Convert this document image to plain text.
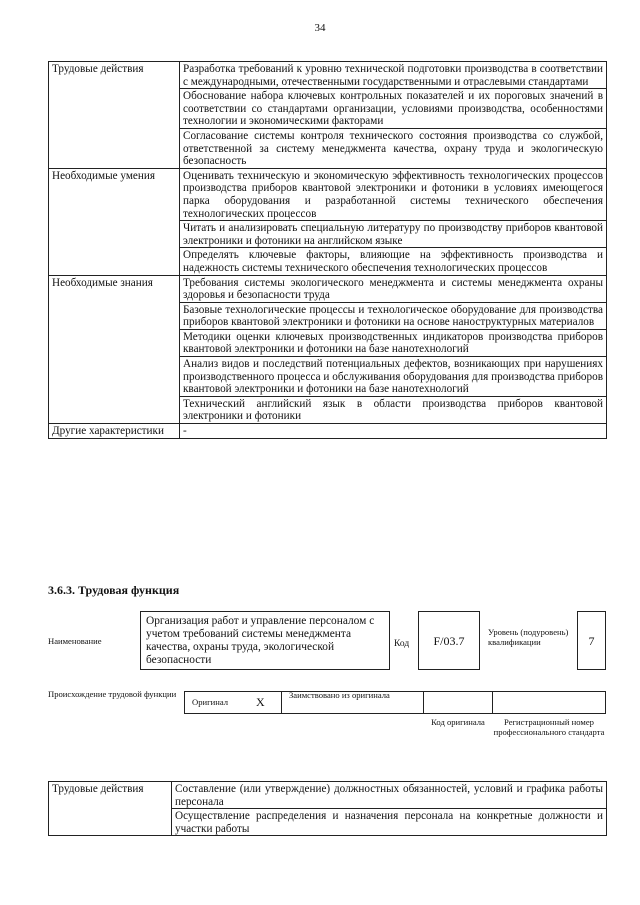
34
Трудовые действия	Разработка требований к уровню технической подготовки производства в соответствии с международными, отечественными государственными и отраслевыми стандартами
	Обоснование набора ключевых контрольных показателей и их пороговых значений в соответствии со стандартами организации, условиями производства, особенностями технологии и экономическими факторами
	Согласование системы контроля технического состояния производства со службой, ответственной за систему менеджмента качества, охрану труда и экологическую безопасность
Необходимые умения	Оценивать техническую и экономическую эффективность технологических процессов производства приборов квантовой электроники и фотоники в условиях имеющегося парка оборудования и разработанной системы технического обеспечения технологических процессов
	Читать и анализировать специальную литературу по производству приборов квантовой электроники и фотоники на английском языке
	Определять ключевые факторы, влияющие на эффективность производства и надежность системы технического обеспечения технологических процессов
Необходимые знания	Требования системы экологического менеджмента и системы менеджмента охраны здоровья и безопасности труда
	Базовые технологические процессы и технологическое оборудование для производства приборов квантовой электроники и фотоники на основе наноструктурных материалов
	Методики оценки ключевых производственных индикаторов производства приборов квантовой электроники и фотоники на базе нанотехнологий
	Анализ видов и последствий потенциальных дефектов, возникающих при нарушениях производственного процесса и обслуживания оборудования для производства приборов квантовой электроники и фотоники на базе нанотехнологий
	Технический английский язык в области производства приборов квантовой электроники и фотоники
Другие характеристики	-
3.6.3. Трудовая функция
Наименование
Организация работ и управление персоналом с учетом требований системы менеджмента качества, охраны труда, экологической безопасности
Код	F/03.7
Уровень (подуровень) квалификации	7
Происхождение трудовой функции
Оригинал X	Заимствовано из оригинала
Код оригинала	Регистрационный номер профессионального стандарта
Трудовые действия	Составление (или утверждение) должностных обязанностей, условий и графика работы персонала
Осуществление распределения и назначения персонала на конкретные должности и участки работы
